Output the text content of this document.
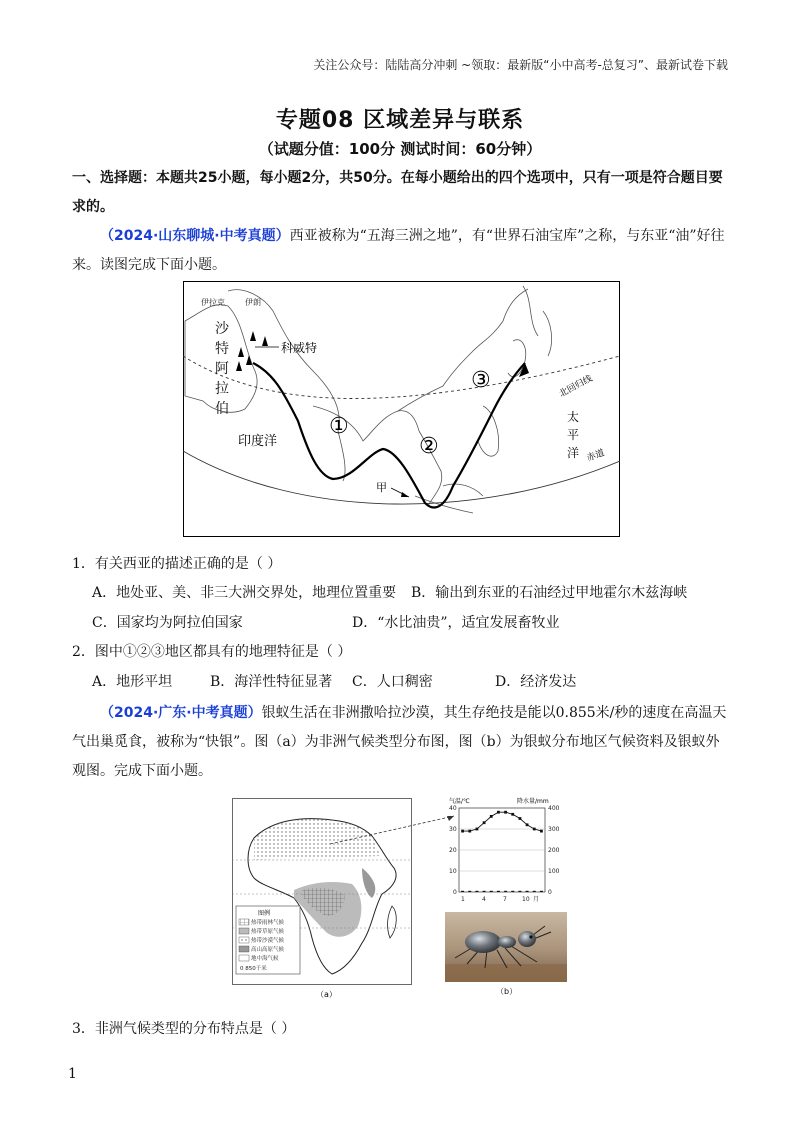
关注公众号：陆陆高分冲刺 ~领取：最新版“小中高考-总复习”、最新试卷下载
专题08 区域差异与联系
（试题分值：100分 测试时间：60分钟）
一、选择题：本题共25小题，每小题2分，共50分。在每小题给出的四个选项中，只有一项是符合题目要求的。
（2024·山东聊城·中考真题）西亚被称为“五海三洲之地”，有“世界石油宝库”之称，与东亚“油”好往来。读图完成下面小题。
伊拉克	伊朗
沙
特
阿
拉
伯
科威特
印度洋
太
平
洋
北回归线
赤道
甲
①
②
③
1．有关西亚的描述正确的是（ ）
A．地处亚、美、非三大洲交界处，地理位置重要 B．输出到东亚的石油经过甲地霍尔木兹海峡
C．国家均为阿拉伯国家	D．“水比油贵”，适宜发展畜牧业
2．图中①②③地区都具有的地理特征是（ ）
A．地形平坦	B．海洋性特征显著 C．人口稠密	D．经济发达
（2024·广东·中考真题）银蚁生活在非洲撒哈拉沙漠，其生存绝技是能以0.855米/秒的速度在高温天气出巢觅食，被称为“快银”。图（a）为非洲气候类型分布图，图（b）为银蚁分布地区气候资料及银蚁外观图。完成下面小题。
图例
热带雨林气候
热带草原气候
热带沙漠气候
高山高原气候
地中海气候
0 850千米
（a）
气温/℃	降水量/mm
40
30
20
10
0
400
300
200
100
0
1	4	7	10 月
（b）
3．非洲气候类型的分布特点是（ ）
1
